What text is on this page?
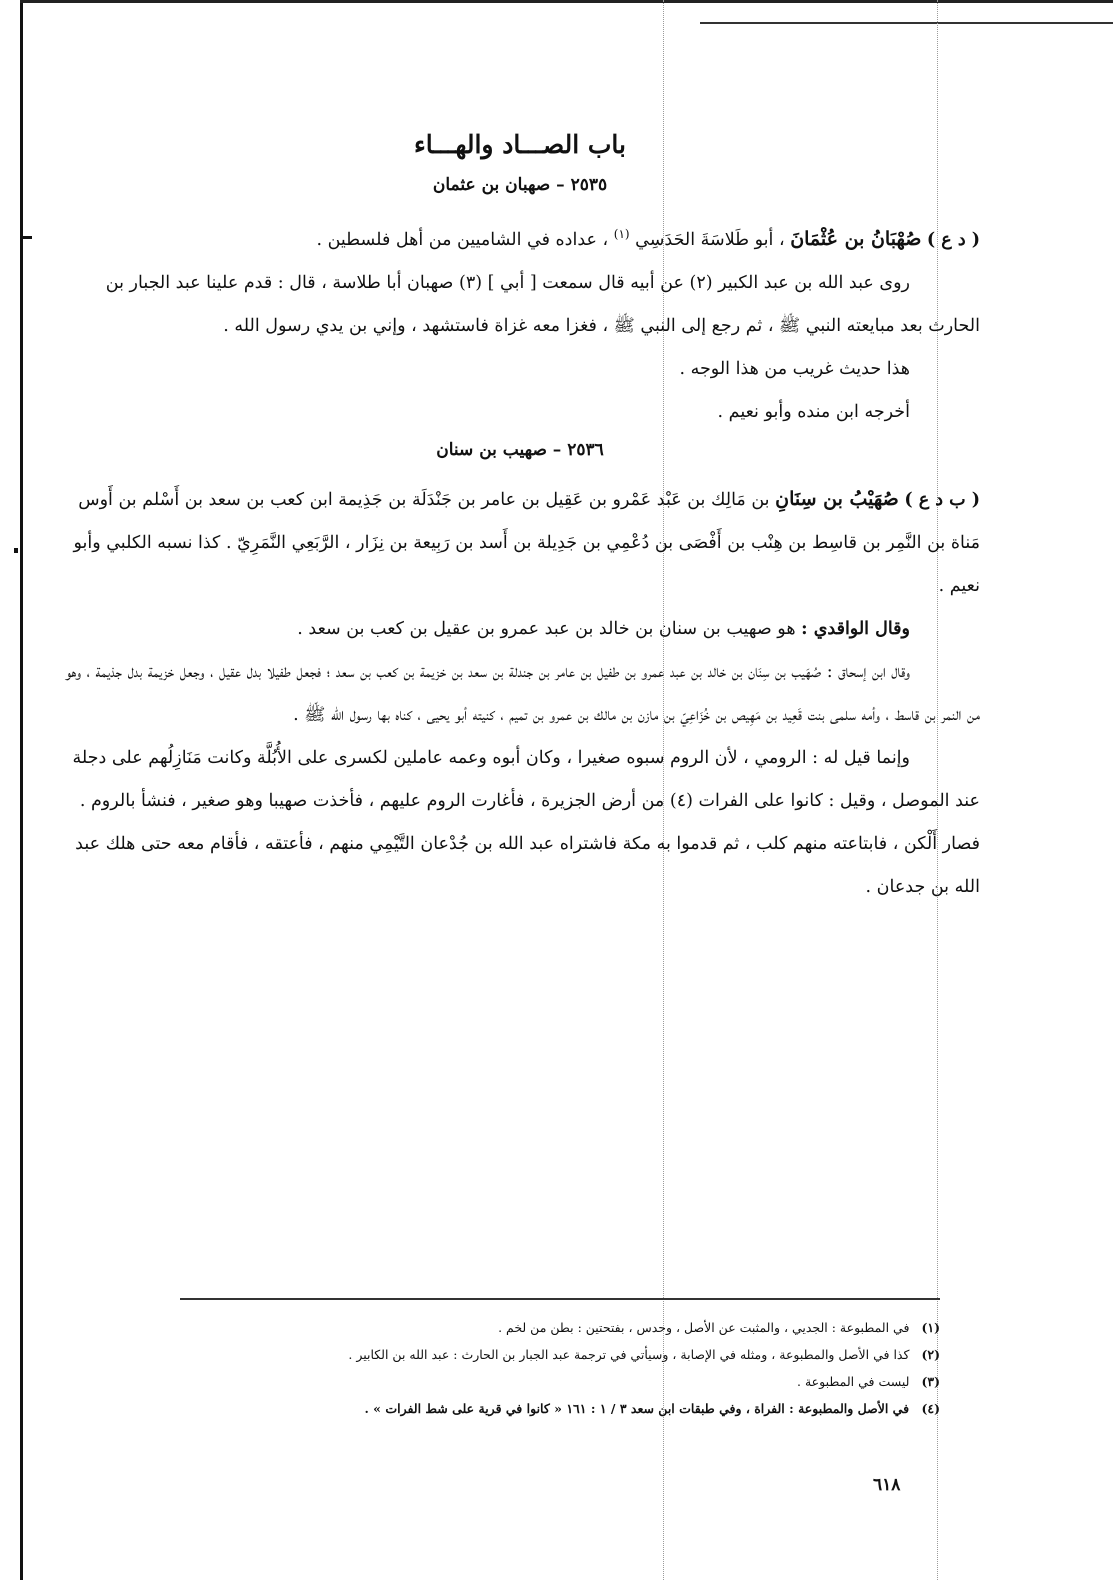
باب الصـــاد والهـــاء
٢٥٣٥ – صهبان بن عثمان

( د ع ) صُهْبَانُ بن عُثْمَانَ ، أبو طَلاسَةَ الحَدَسِي $^{(١)}$ ، عداده في الشاميين من أهل فلسطين .

روى عبد الله بن عبد الكبير (٢) عن أبيه قال سمعت [ أبي ] (٣) صهبان أبا طلاسة ، قال : قدم علينا عبد الجبار بن الحارث بعد مبايعته النبي ﷺ ، ثم رجع إلى النبي ﷺ ، فغزا معه غزاة فاستشهد ، وإني بن يدي رسول الله .

هذا حديث غريب من هذا الوجه .

أخرجه ابن منده وأبو نعيم .

٢٥٣٦ – صهيب بن سنان

( ب د ع ) صُهَيْبُ بن سِنَانِ بن مَالِك بن عَبْد عَمْرو بن عَقِيل بن عامر بن جَنْدَلَة بن جَذِيمة ابن كعب بن سعد بن أَسْلم بن أَوس مَناة بن النَّمِر بن قاسِط بن هِنْب بن أَفْصَى بن دُعْمِي بن جَدِيلة بن أَسد بن رَبِيعة بن نِزَار ، الرَّبَعِي النَّمَرِيّ . كذا نسبه الكلبي وأبو نعيم .

وقال الواقدي : هو صهيب بن سنان بن خالد بن عبد عمرو بن عقيل بن كعب بن سعد .

وقال ابن إسحاق : صُهَيب بن سِنَان بن خالد بن عبد عمرو بن طفيل بن عامر بن جندلة بن سعد بن خزيمة بن كعب بن سعد ؛ فجعل طفيلا بدل عقيل ، وجعل خزيمة بدل جذيمة ، وهو من النمر بن قاسط ، وأمه سلمى بنت قَعِيد بن مَهِيص بن خُزَاعِيّ بن مازن بن مالك بن عمرو بن تميم ، كنيته أبو يحيى ، كناه بها رسول الله ﷺ .

وإنما قيل له : الرومي ، لأن الروم سبوه صغيرا ، وكان أبوه وعمه عاملين لكسرى على الأُبُلَّة وكانت مَنَازِلُهم على دجلة عند الموصل ، وقيل : كانوا على الفرات (٤) من أرض الجزيرة ، فأغارت الروم عليهم ، فأخذت صهيبا وهو صغير ، فنشأ بالروم . فصار أَلْكن ، فابتاعته منهم كلب ، ثم قدموا به مكة فاشتراه عبد الله بن جُدْعان التَّيْمِي منهم ، فأعتقه ، فأقام معه حتى هلك عبد الله بن جدعان .

(١) في المطبوعة : الجديي ، والمثبت عن الأصل ، وحدس ، بفتحتين : بطن من لخم .

(٢) كذا في الأصل والمطبوعة ، ومثله في الإصابة ، وسيأتي في ترجمة عبد الجبار بن الحارث : عبد الله بن الكابير .

(٣) ليست في المطبوعة .

(٤) في الأصل والمطبوعة : الفراة ، وفي طبقات ابن سعد ٣ / ١ : ١٦١ « كانوا في قرية على شط الفرات » .

٦١٨
